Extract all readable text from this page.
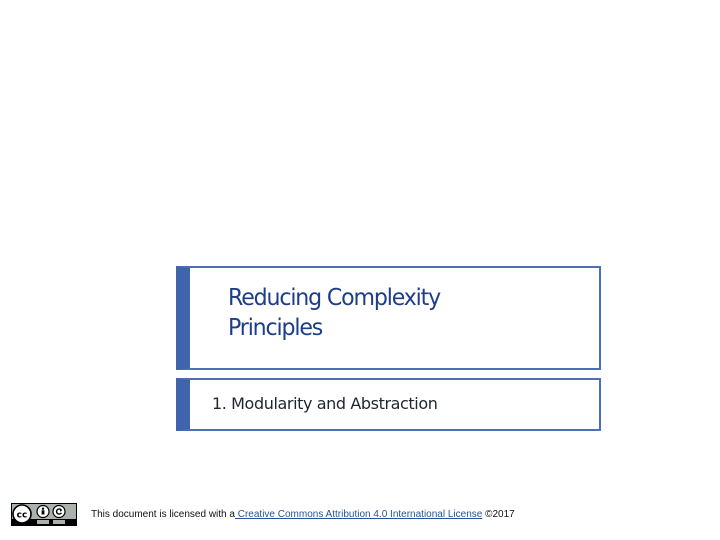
Reducing Complexity
Principles

1. Modularity and Abstraction

cc	This document is licensed with a Creative Commons Attribution 4.0 International License ©2017
